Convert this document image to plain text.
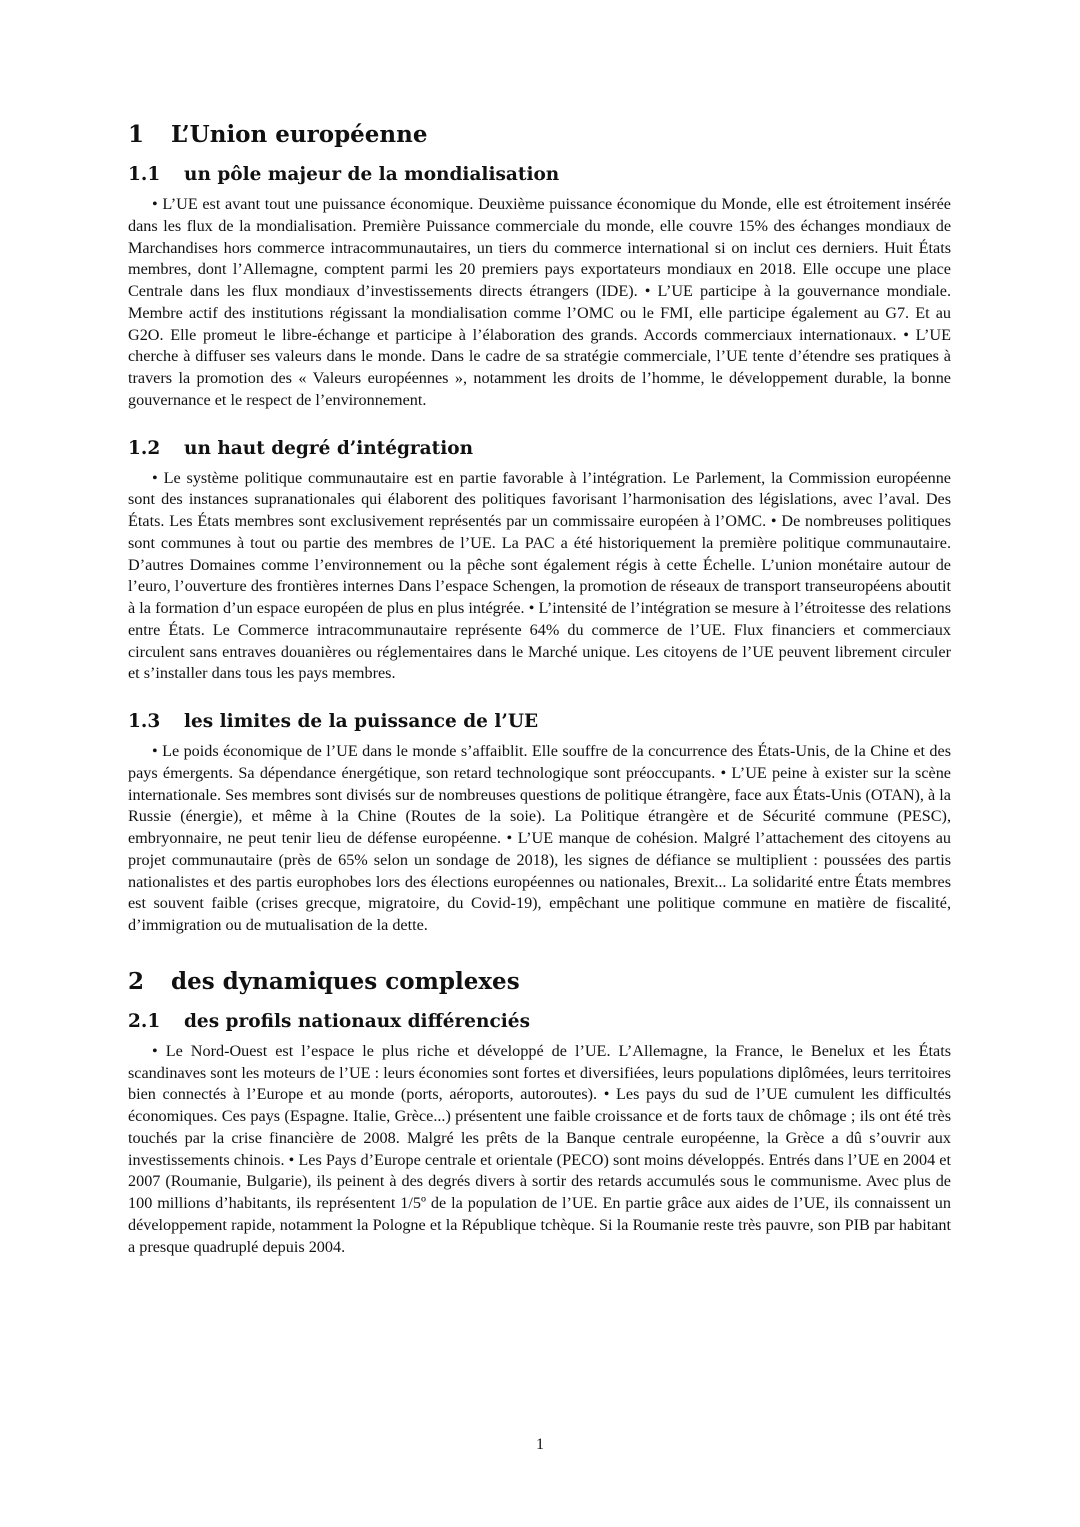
1	L’Union européenne
1.1	un pôle majeur de la mondialisation

• L’UE est avant tout une puissance économique. Deuxième puissance économique du Monde, elle est étroitement insérée dans les flux de la mondialisation. Première Puissance commerciale du monde, elle couvre 15% des échanges mondiaux de Marchandises hors commerce intracommunautaires, un tiers du commerce international si on inclut ces derniers. Huit États membres, dont l’Allemagne, comptent parmi les 20 premiers pays exportateurs mondiaux en 2018. Elle occupe une place Centrale dans les flux mondiaux d’investissements directs étrangers (IDE). • L’UE participe à la gouvernance mondiale. Membre actif des institutions régissant la mondialisation comme l’OMC ou le FMI, elle participe également au G7. Et au G2O. Elle promeut le libre-échange et participe à l’élaboration des grands. Accords commerciaux internationaux. • L’UE cherche à diffuser ses valeurs dans le monde. Dans le cadre de sa stratégie commerciale, l’UE tente d’étendre ses pratiques à travers la promotion des « Valeurs européennes », notamment les droits de l’homme, le développement durable, la bonne gouvernance et le respect de l’environnement.

1.2	un haut degré d’intégration

• Le système politique communautaire est en partie favorable à l’intégration. Le Parlement, la Commission européenne sont des instances supranationales qui élaborent des politiques favorisant l’harmonisation des législations, avec l’aval. Des États. Les États membres sont exclusivement représentés par un commissaire européen à l’OMC. • De nombreuses politiques sont communes à tout ou partie des membres de l’UE. La PAC a été historiquement la première politique communautaire. D’autres Domaines comme l’environnement ou la pêche sont également régis à cette Échelle. L’union monétaire autour de l’euro, l’ouverture des frontières internes Dans l’espace Schengen, la promotion de réseaux de transport transeuropéens aboutit à la formation d’un espace européen de plus en plus intégrée. • L’intensité de l’intégration se mesure à l’étroitesse des relations entre États. Le Commerce intracommunautaire représente 64% du commerce de l’UE. Flux financiers et commerciaux circulent sans entraves douanières ou réglementaires dans le Marché unique. Les citoyens de l’UE peuvent librement circuler et s’installer dans tous les pays membres.

1.3	les limites de la puissance de l’UE

• Le poids économique de l’UE dans le monde s’affaiblit. Elle souffre de la concurrence des États-Unis, de la Chine et des pays émergents. Sa dépendance énergétique, son retard technologique sont préoccupants. • L’UE peine à exister sur la scène internationale. Ses membres sont divisés sur de nombreuses questions de politique étrangère, face aux États-Unis (OTAN), à la Russie (énergie), et même à la Chine (Routes de la soie). La Politique étrangère et de Sécurité commune (PESC), embryonnaire, ne peut tenir lieu de défense européenne. • L’UE manque de cohésion. Malgré l’attachement des citoyens au projet communautaire (près de 65% selon un sondage de 2018), les signes de défiance se multiplient : poussées des partis nationalistes et des partis europhobes lors des élections européennes ou nationales, Brexit... La solidarité entre États membres est souvent faible (crises grecque, migratoire, du Covid-19), empêchant une politique commune en matière de fiscalité, d’immigration ou de mutualisation de la dette.

2	des dynamiques complexes
2.1	des profils nationaux différenciés

• Le Nord-Ouest est l’espace le plus riche et développé de l’UE. L’Allemagne, la France, le Benelux et les États scandinaves sont les moteurs de l’UE : leurs économies sont fortes et diversifiées, leurs populations diplômées, leurs territoires bien connectés à l’Europe et au monde (ports, aéroports, autoroutes). • Les pays du sud de l’UE cumulent les difficultés économiques. Ces pays (Espagne. Italie, Grèce...) présentent une faible croissance et de forts taux de chômage ; ils ont été très touchés par la crise financière de 2008. Malgré les prêts de la Banque centrale européenne, la Grèce a dû s’ouvrir aux investissements chinois. • Les Pays d’Europe centrale et orientale (PECO) sont moins développés. Entrés dans l’UE en 2004 et 2007 (Roumanie, Bulgarie), ils peinent à des degrés divers à sortir des retards accumulés sous le communisme. Avec plus de 100 millions d’habitants, ils représentent 1/5º de la population de l’UE. En partie grâce aux aides de l’UE, ils connaissent un développement rapide, notamment la Pologne et la République tchèque. Si la Roumanie reste très pauvre, son PIB par habitant a presque quadruplé depuis 2004.

1
